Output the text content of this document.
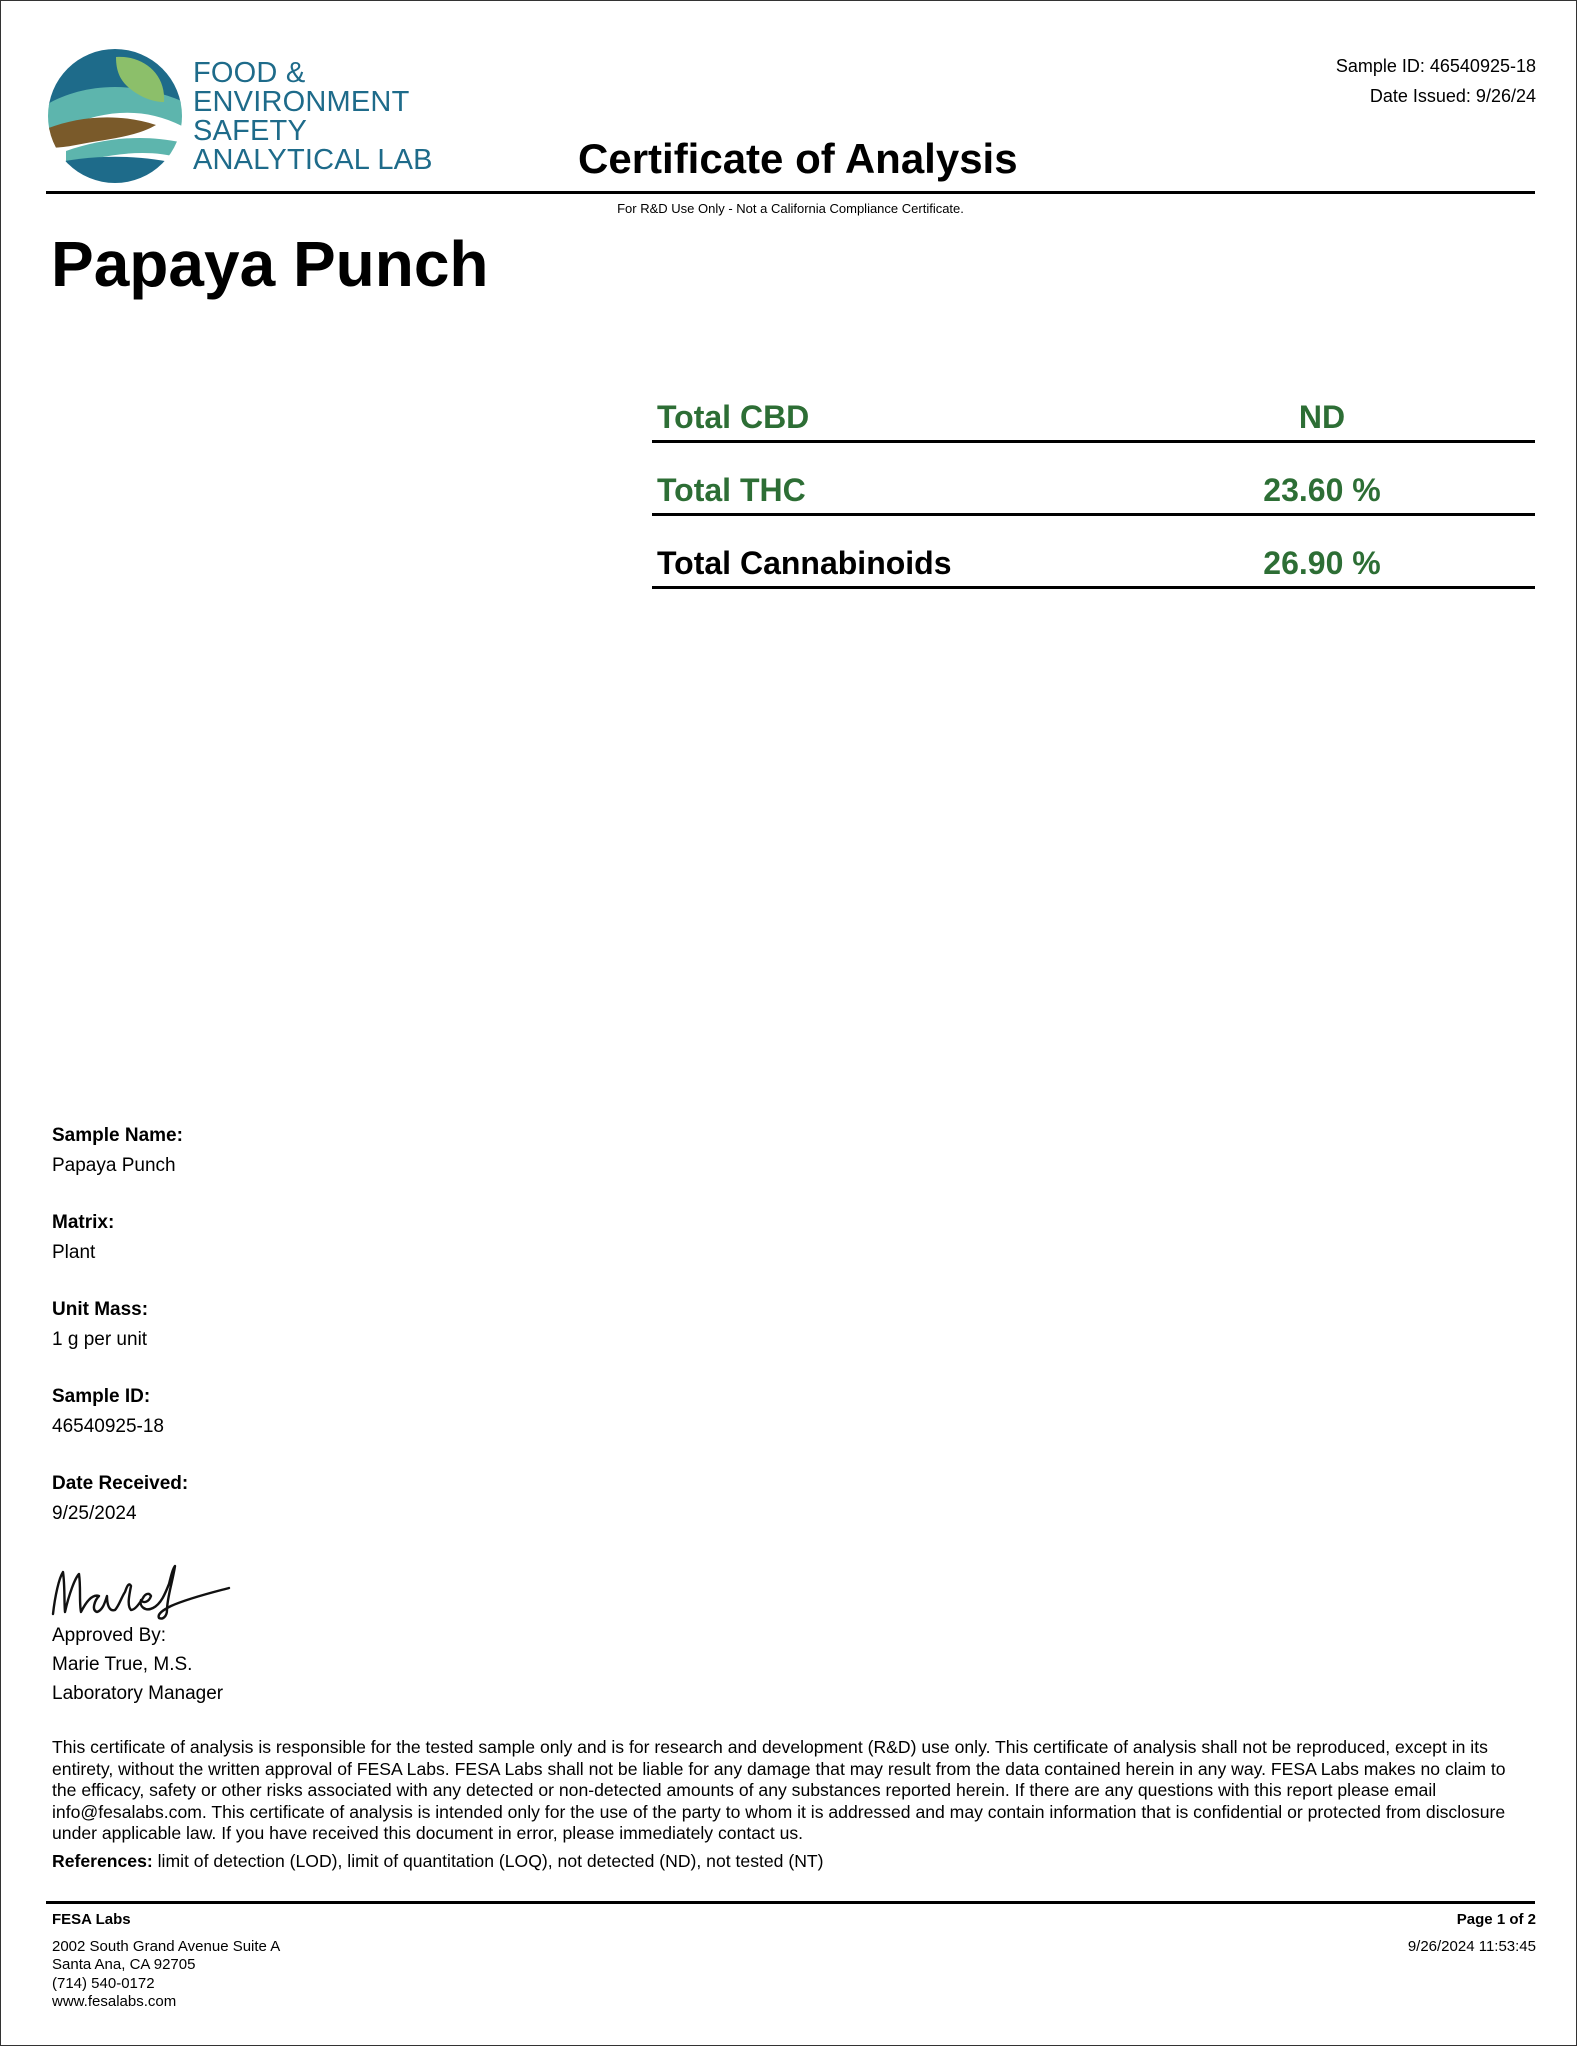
FOOD &
ENVIRONMENT
SAFETY
ANALYTICAL LAB
Sample ID: 46540925-18
Date Issued: 9/26/24
Certificate of Analysis
For R&D Use Only - Not a California Compliance Certificate.
Papaya Punch
Total CBD	ND
Total THC	23.60 %
Total Cannabinoids	26.90 %
Sample Name:
Papaya Punch
Matrix:
Plant
Unit Mass:
1 g per unit
Sample ID:
46540925-18
Date Received:
9/25/2024
Approved By:
Marie True, M.S.
Laboratory Manager
This certificate of analysis is responsible for the tested sample only and is for research and development (R&D) use only. This certificate of analysis shall not be reproduced, except in its entirety, without the written approval of FESA Labs. FESA Labs shall not be liable for any damage that may result from the data contained herein in any way. FESA Labs makes no claim to the efficacy, safety or other risks associated with any detected or non-detected amounts of any substances reported herein. If there are any questions with this report please email info@fesalabs.com. This certificate of analysis is intended only for the use of the party to whom it is addressed and may contain information that is confidential or protected from disclosure under applicable law. If you have received this document in error, please immediately contact us.
References: limit of detection (LOD), limit of quantitation (LOQ), not detected (ND), not tested (NT)
FESA Labs
2002 South Grand Avenue Suite A
Santa Ana, CA 92705
(714) 540-0172
www.fesalabs.com
Page 1 of 2
9/26/2024 11:53:45
